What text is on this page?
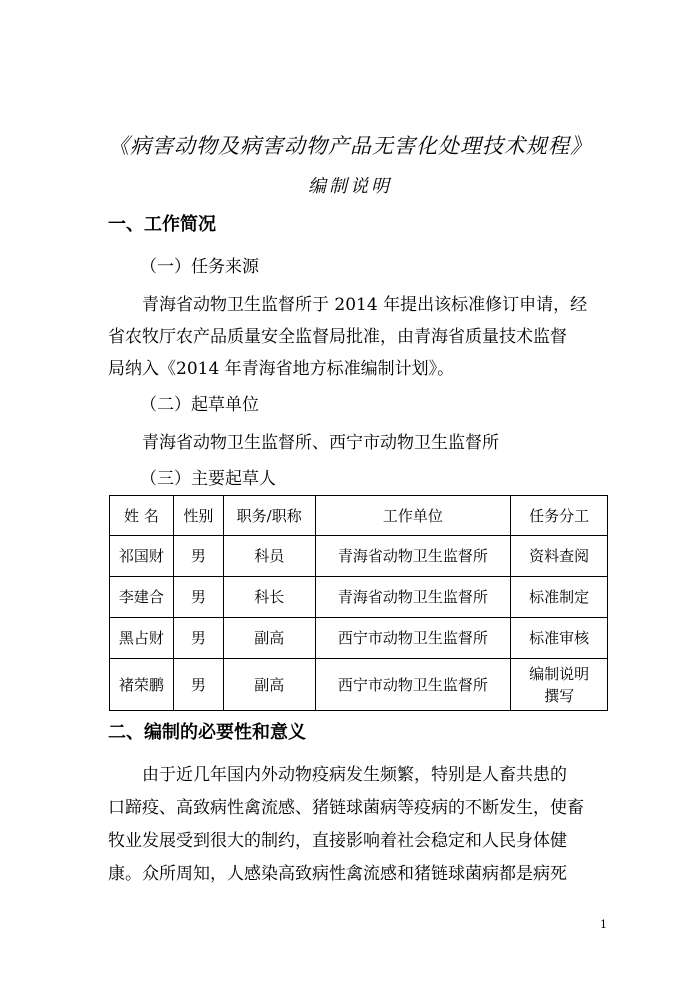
《病害动物及病害动物产品无害化处理技术规程》
编制说明
一、工作简况
（一）任务来源
青海省动物卫生监督所于 2014 年提出该标准修订申请，经
省农牧厅农产品质量安全监督局批准，由青海省质量技术监督
局纳入《2014 年青海省地方标准编制计划》。
（二）起草单位
青海省动物卫生监督所、西宁市动物卫生监督所
（三）主要起草人
姓 名	性别	职务/职称	工作单位	任务分工
祁国财	男	科员	青海省动物卫生监督所	资料查阅
李建合	男	科长	青海省动物卫生监督所	标准制定
黑占财	男	副高	西宁市动物卫生监督所	标准审核
褚荣鹏	男	副高	西宁市动物卫生监督所	编制说明
撰写
二、编制的必要性和意义
由于近几年国内外动物疫病发生频繁，特别是人畜共患的
口蹄疫、高致病性禽流感、猪链球菌病等疫病的不断发生，使畜
牧业发展受到很大的制约，直接影响着社会稳定和人民身体健
康。众所周知，人感染高致病性禽流感和猪链球菌病都是病死
1
